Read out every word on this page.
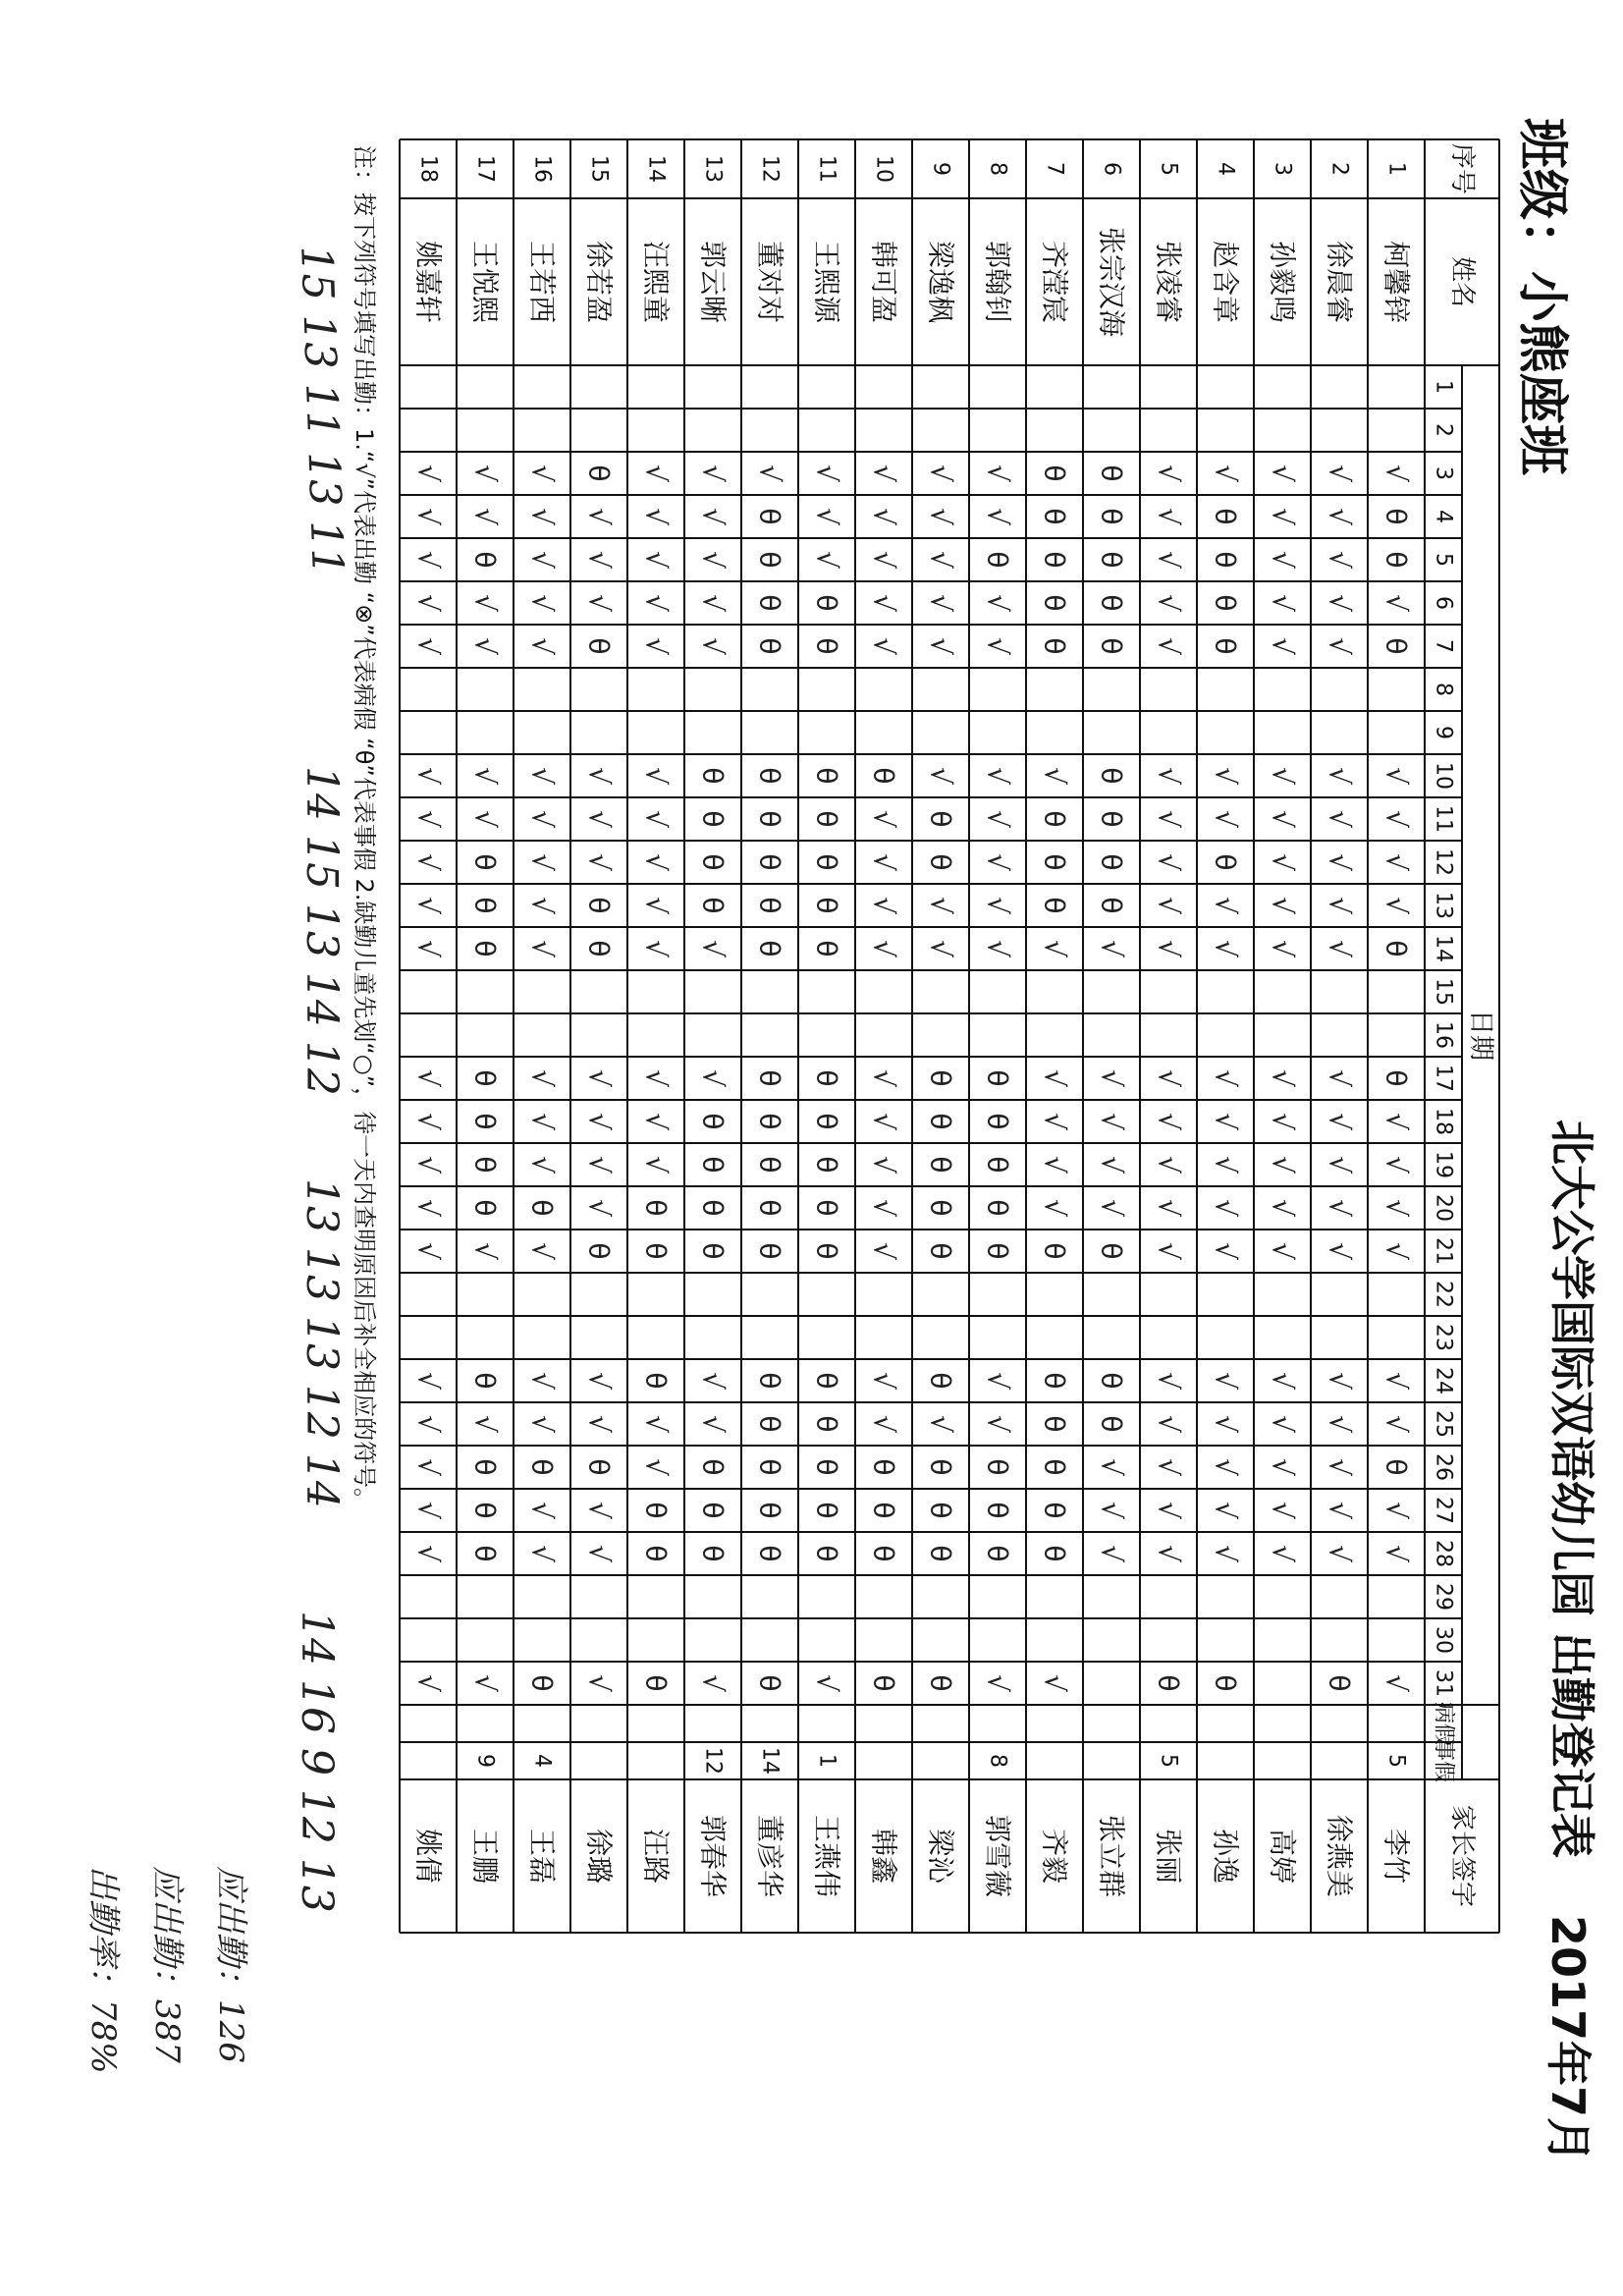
班级：小熊座班
北大公学国际双语幼儿园 出勤登记表
2017年7月
序号
姓名
日期
病假
事假
家长签字
1
2
3
4
5
6
7
8
9
10
11
12
13
14
15
16
17
18
19
20
21
22
23
24
25
26
27
28
29
30
31
1
柯馨锌
√
θ
θ
√
θ
√
√
√
√
θ
θ
√
√
√
√
√
√
θ
√
√
√
5
李竹
2
徐晨睿
√
√
√
√
√
√
√
√
√
√
√
√
√
√
√
√
√
√
√
√
θ
徐燕美
3
孙毅鸣
√
√
√
√
√
√
√
√
√
√
√
√
√
√
√
√
√
√
√
√
高婷
4
赵含章
√
θ
θ
θ
θ
√
√
θ
√
√
√
√
√
√
√
√
√
√
√
√
θ
孙逸
5
张凌睿
√
√
√
√
√
√
√
√
√
√
√
√
√
√
√
√
√
√
√
√
θ
5
张丽
6
张宗汉海
θ
θ
θ
θ
θ
θ
θ
θ
θ
√
√
√
√
√
θ
θ
θ
√
√
√
张立群
7
齐滢宸
θ
θ
θ
θ
θ
√
θ
θ
θ
√
√
√
√
√
θ
θ
θ
θ
θ
θ
√
齐毅
8
郭翰钊
√
√
θ
√
√
√
√
√
√
√
θ
θ
θ
θ
θ
√
√
θ
θ
θ
√
8
郭雪薇
9
梁逸枫
√
√
√
√
√
√
θ
θ
√
√
θ
θ
θ
θ
θ
θ
√
θ
θ
θ
θ
梁沁
10
韩可盈
√
√
√
√
√
θ
√
√
√
√
√
√
√
√
√
√
√
θ
θ
θ
θ
韩鑫
11
王熙源
√
√
√
θ
θ
θ
θ
θ
θ
θ
θ
θ
θ
θ
θ
θ
θ
θ
θ
θ
√
1
王燕伟
12
董对对
√
θ
θ
θ
θ
θ
θ
θ
θ
θ
θ
θ
θ
θ
θ
θ
θ
θ
θ
θ
θ
14
董彦华
13
郭云晰
√
√
√
√
√
θ
θ
θ
θ
√
√
θ
θ
θ
θ
√
√
θ
θ
θ
√
12
郭春华
14
汪熙童
√
√
√
√
√
√
√
√
√
√
√
√
√
θ
θ
θ
√
√
θ
θ
θ
汪路
15
徐若盈
θ
√
√
√
θ
√
√
√
θ
θ
√
√
√
√
θ
√
√
θ
√
√
√
徐璐
16
王若西
√
√
√
√
√
√
√
√
√
√
√
√
√
θ
√
√
√
θ
√
√
θ
4
王磊
17
王悦熙
√
√
θ
√
√
√
√
θ
θ
θ
θ
θ
θ
θ
√
θ
√
θ
θ
θ
√
9
王鹏
18
姚嘉轩
√
√
√
√
√
√
√
√
√
√
√
√
√
√
√
√
√
√
√
√
√
姚倩
注：按下列符号填写出勤：1.“√”代表出勤 “⊗”代表病假 “θ”代表事假 2.缺勤儿童先划“○”，待一天内查明原因后补全相应的符号。
15 13 11 13 11
14 15 13 14 12
13 13 13 12 14
14 16 9 12 13
应出勤：126
应出勤：387
出勤率：78%
